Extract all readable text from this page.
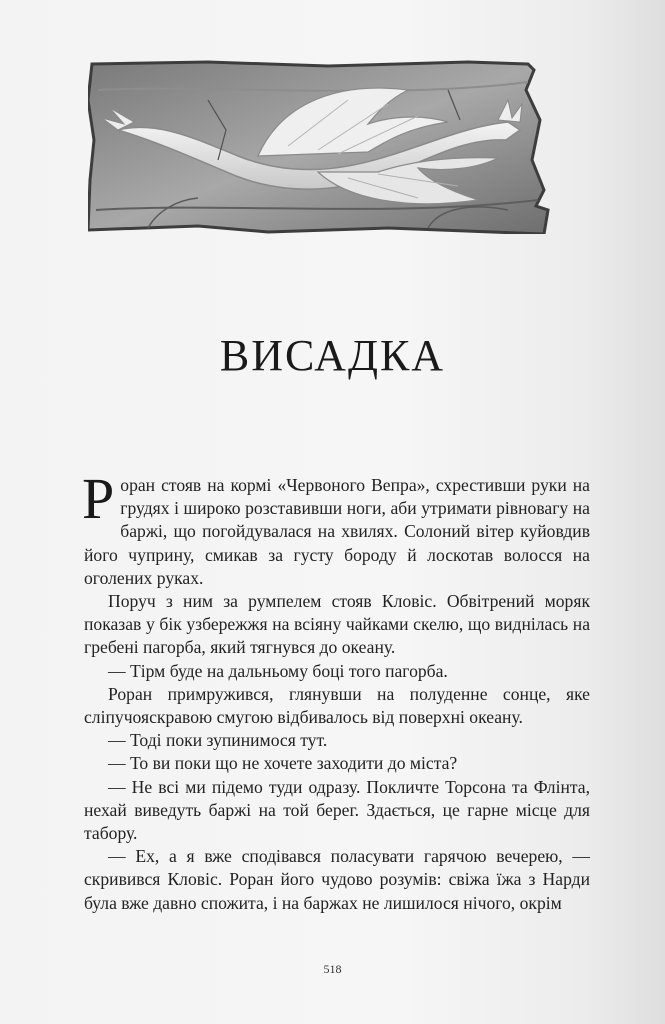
ВИСАДКА

Роран стояв на кормі «Червоного Вепра», схрестивши руки на грудях і широко розставивши ноги, аби утримати рівновагу на баржі, що погойдувалася на хвилях. Солоний вітер куйовдив його чуприну, смикав за густу бороду й лоскотав волосся на оголених руках.

Поруч з ним за румпелем стояв Кловіс. Обвітрений моряк показав у бік узбережжя на всіяну чайками скелю, що виднілась на гребені пагорба, який тягнувся до океану.

— Тірм буде на дальньому боці того пагорба.

Роран примружився, глянувши на полуденне сонце, яке сліпучояскравою смугою відбивалось від поверхні океану.

— Тоді поки зупинимося тут.

— То ви поки що не хочете заходити до міста?

— Не всі ми підемо туди одразу. Покличте Торсона та Флінта, нехай виведуть баржі на той берег. Здається, це гарне місце для табору.

— Ех, а я вже сподівався поласувати гарячою вечерею, — скривився Кловіс. Роран його чудово розумів: свіжа їжа з Нарди була вже давно спожита, і на баржах не лишилося нічого, окрім

518
